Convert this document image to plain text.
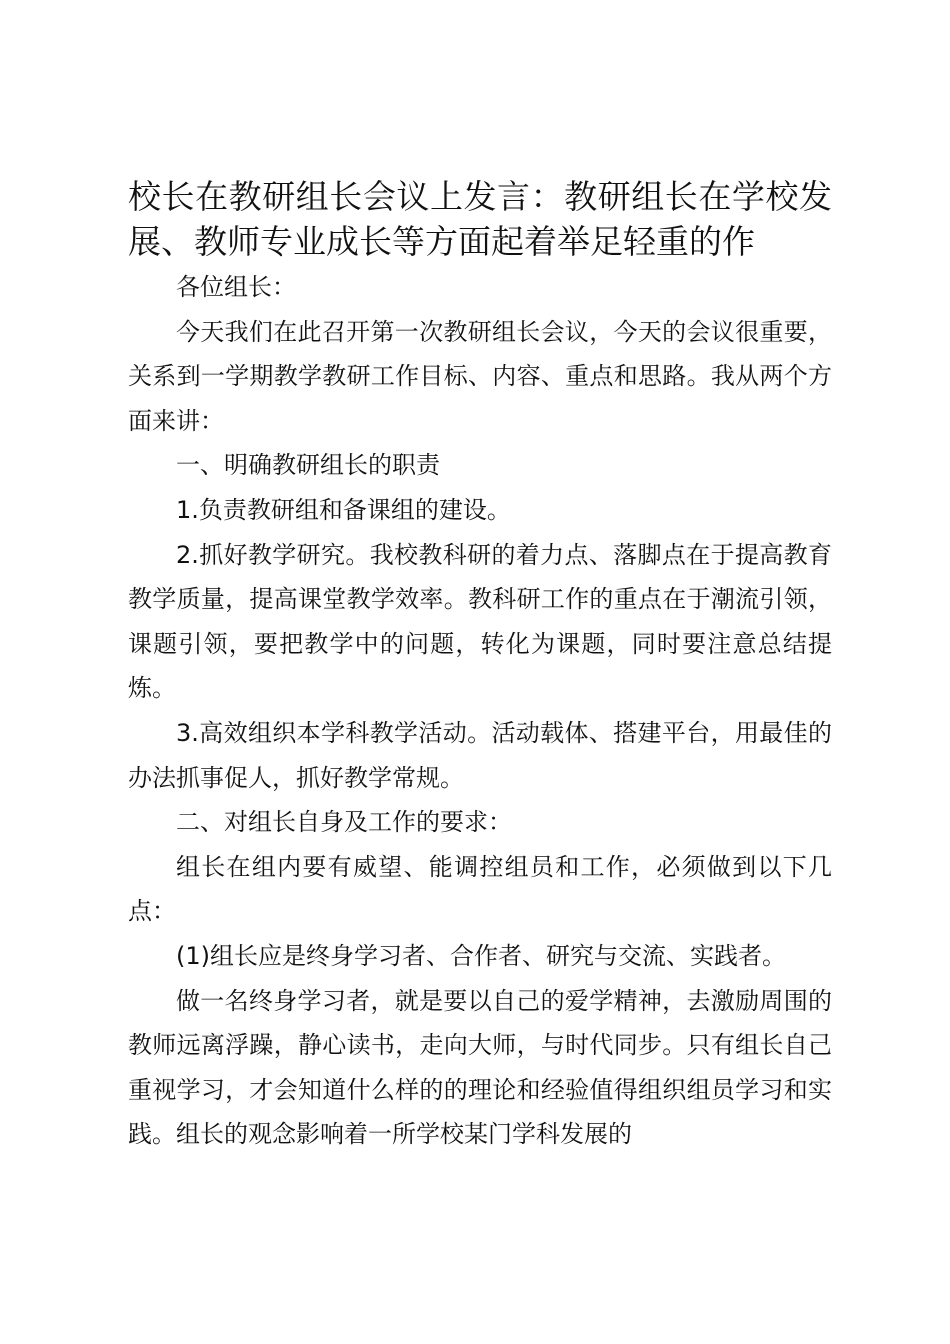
校长在教研组长会议上发言：教研组长在学校发展、教师专业成长等方面起着举足轻重的作

各位组长：

今天我们在此召开第一次教研组长会议，今天的会议很重要，关系到一学期教学教研工作目标、内容、重点和思路。我从两个方面来讲：

一、明确教研组长的职责

1.负责教研组和备课组的建设。

2.抓好教学研究。我校教科研的着力点、落脚点在于提高教育教学质量，提高课堂教学效率。教科研工作的重点在于潮流引领，课题引领，要把教学中的问题，转化为课题，同时要注意总结提炼。

3.高效组织本学科教学活动。活动载体、搭建平台，用最佳的办法抓事促人，抓好教学常规。

二、对组长自身及工作的要求：

组长在组内要有威望、能调控组员和工作，必须做到以下几点：

(1)组长应是终身学习者、合作者、研究与交流、实践者。

做一名终身学习者，就是要以自己的爱学精神，去激励周围的教师远离浮躁，静心读书，走向大师，与时代同步。只有组长自己重视学习，才会知道什么样的的理论和经验值得组织组员学习和实践。组长的观念影响着一所学校某门学科发展的
